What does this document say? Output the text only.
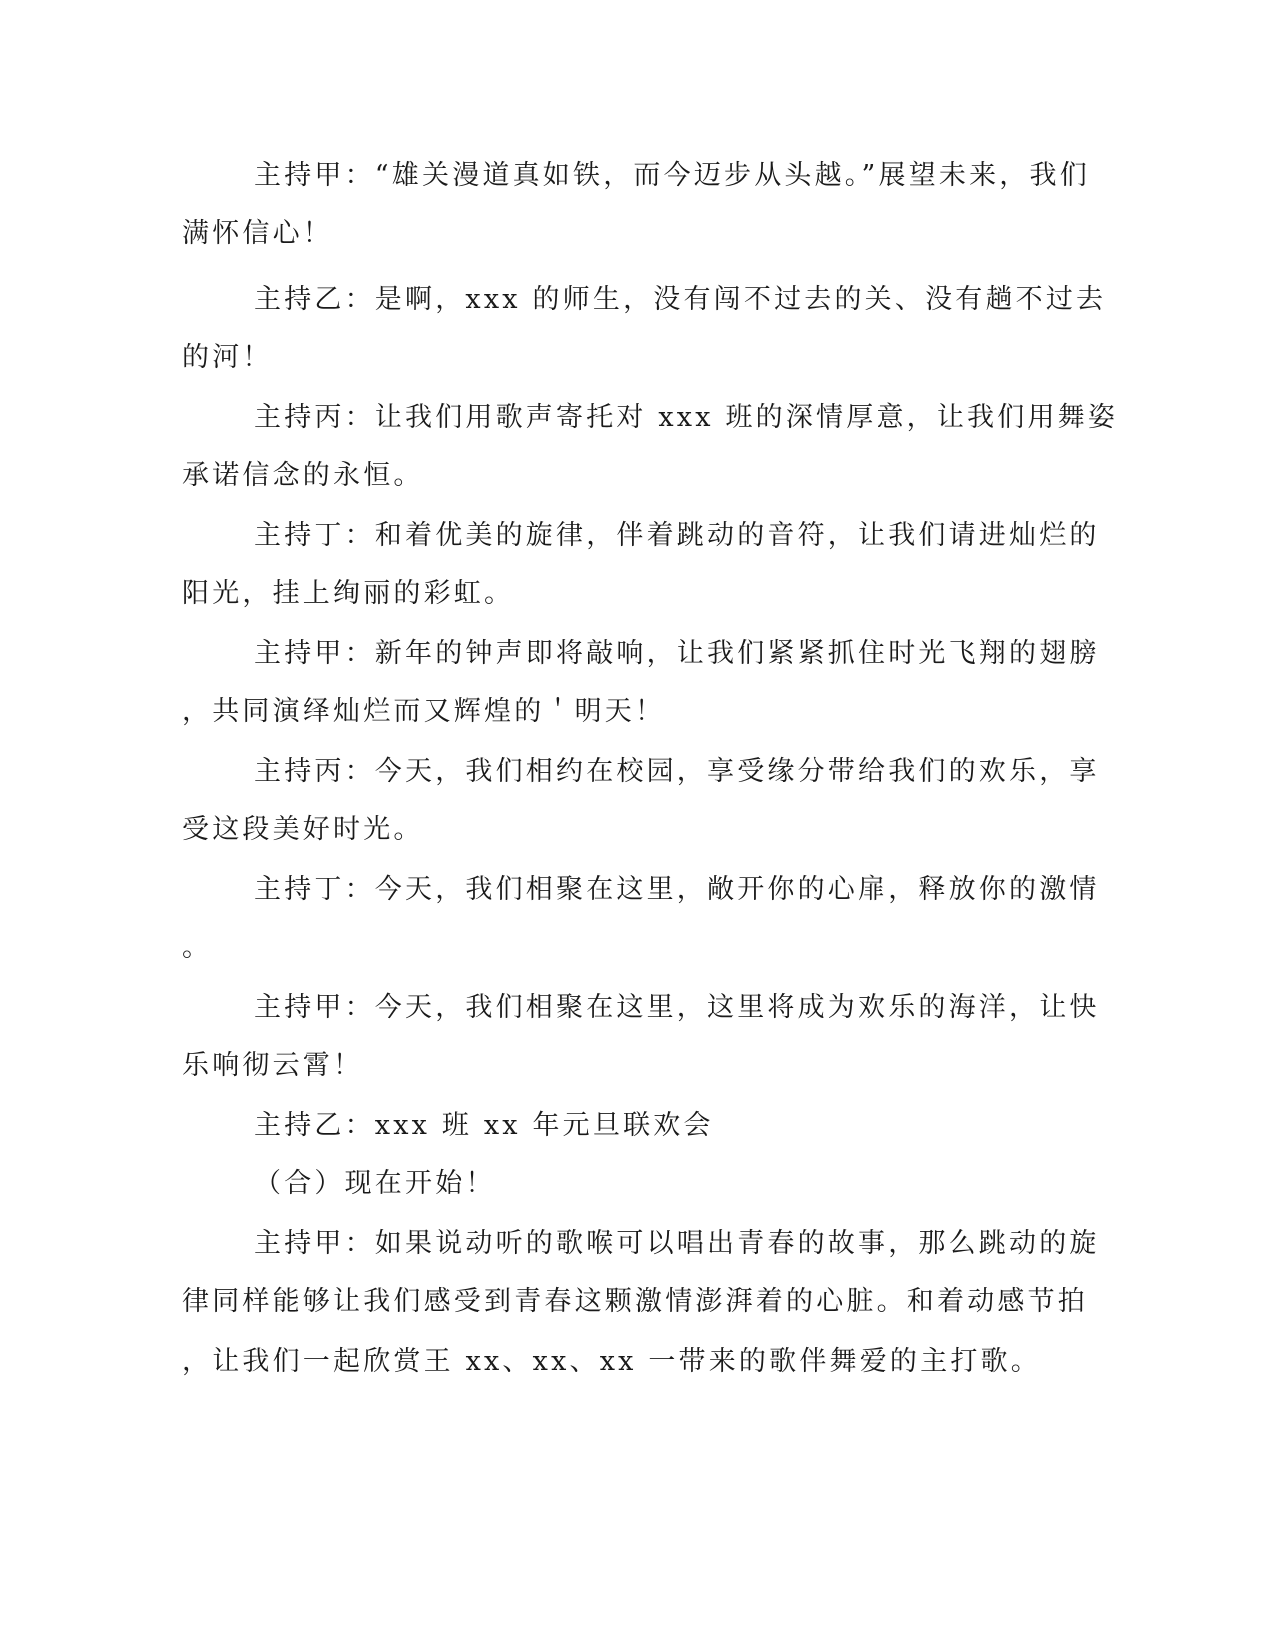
主持甲：“雄关漫道真如铁，而今迈步从头越。”展望未来，我们
满怀信心！
主持乙：是啊，xxx 的师生，没有闯不过去的关、没有趟不过去
的河！
主持丙：让我们用歌声寄托对 xxx 班的深情厚意，让我们用舞姿
承诺信念的永恒。
主持丁：和着优美的旋律，伴着跳动的音符，让我们请进灿烂的
阳光，挂上绚丽的彩虹。
主持甲：新年的钟声即将敲响，让我们紧紧抓住时光飞翔的翅膀
，共同演绎灿烂而又辉煌的＇明天！
主持丙：今天，我们相约在校园，享受缘分带给我们的欢乐，享
受这段美好时光。
主持丁：今天，我们相聚在这里，敞开你的心扉，释放你的激情
。
主持甲：今天，我们相聚在这里，这里将成为欢乐的海洋，让快
乐响彻云霄！
主持乙：xxx 班 xx 年元旦联欢会
（合）现在开始！
主持甲：如果说动听的歌喉可以唱出青春的故事，那么跳动的旋
律同样能够让我们感受到青春这颗激情澎湃着的心脏。和着动感节拍
，让我们一起欣赏王 xx、xx、xx 一带来的歌伴舞爱的主打歌。
